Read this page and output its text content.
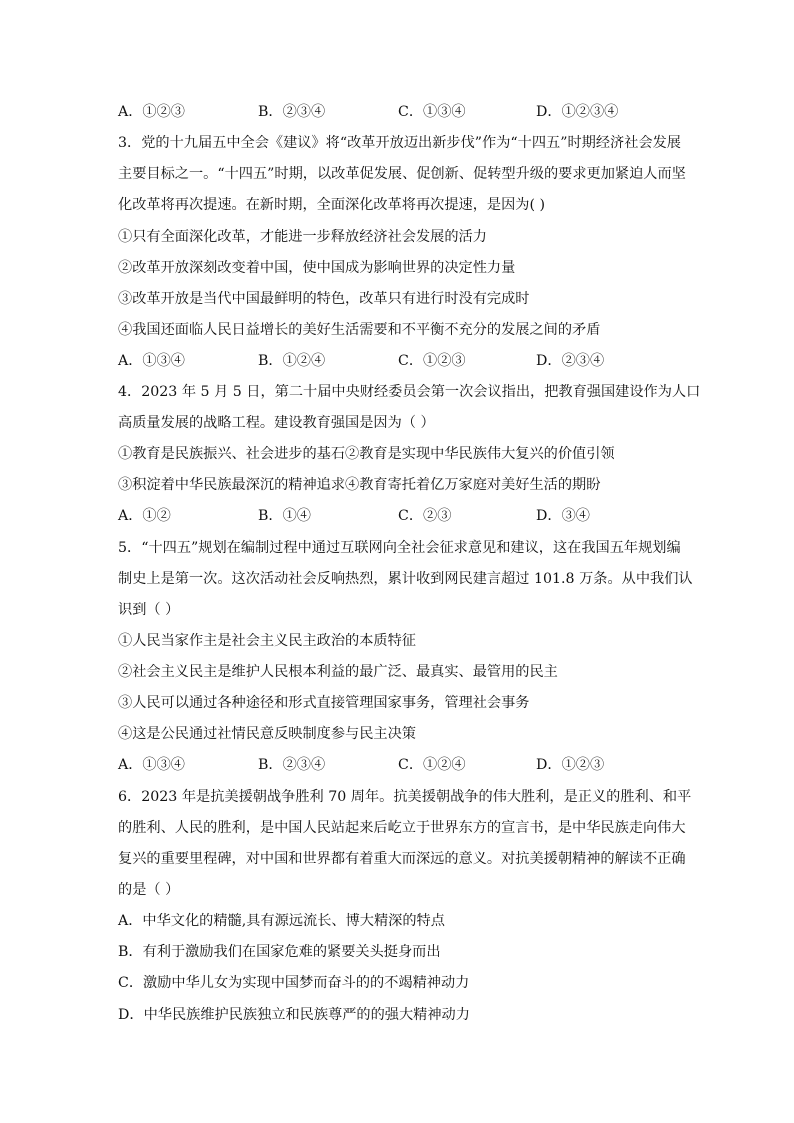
A．①②③	B．②③④	C．①③④	D．①②③④
3．党的十九届五中全会《建议》将“改革开放迈出新步伐”作为“十四五”时期经济社会发展
主要目标之一。“十四五”时期，以改革促发展、促创新、促转型升级的要求更加紧迫人而坚
化改革将再次提速。在新时期，全面深化改革将再次提速，是因为( )
①只有全面深化改革，才能进一步释放经济社会发展的活力
②改革开放深刻改变着中国，使中国成为影响世界的决定性力量
③改革开放是当代中国最鲜明的特色，改革只有进行时没有完成时
④我国还面临人民日益增长的美好生活需要和不平衡不充分的发展之间的矛盾
A．①③④	B．①②④	C．①②③	D．②③④
4．2023 年 5 月 5 日，第二十届中央财经委员会第一次会议指出，把教育强国建设作为人口
高质量发展的战略工程。建设教育强国是因为（ ）
①教育是民族振兴、社会进步的基石②教育是实现中华民族伟大复兴的价值引领
③积淀着中华民族最深沉的精神追求④教育寄托着亿万家庭对美好生活的期盼
A．①②	B．①④	C．②③	D．③④
5．“十四五”规划在编制过程中通过互联网向全社会征求意见和建议，这在我国五年规划编
制史上是第一次。这次活动社会反响热烈，累计收到网民建言超过 101.8 万条。从中我们认
识到（ ）
①人民当家作主是社会主义民主政治的本质特征
②社会主义民主是维护人民根本利益的最广泛、最真实、最管用的民主
③人民可以通过各种途径和形式直接管理国家事务，管理社会事务
④这是公民通过社情民意反映制度参与民主决策
A．①③④	B．②③④	C．①②④	D．①②③
6．2023 年是抗美援朝战争胜利 70 周年。抗美援朝战争的伟大胜利，是正义的胜利、和平
的胜利、人民的胜利，是中国人民站起来后屹立于世界东方的宣言书，是中华民族走向伟大
复兴的重要里程碑，对中国和世界都有着重大而深远的意义。对抗美援朝精神的解读不正确
的是（ ）
A．中华文化的精髓,具有源远流长、博大精深的特点
B．有利于激励我们在国家危难的紧要关头挺身而出
C．激励中华儿女为实现中国梦而奋斗的的不竭精神动力
D．中华民族维护民族独立和民族尊严的的强大精神动力
